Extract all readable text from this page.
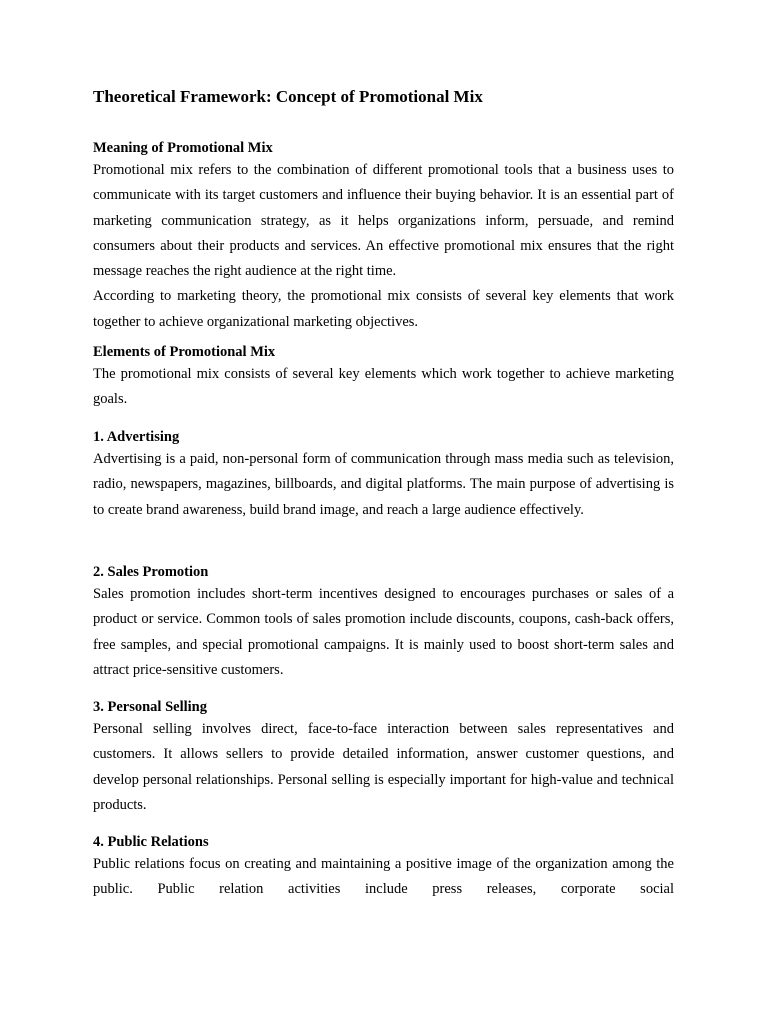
Theoretical Framework: Concept of Promotional Mix
Meaning of Promotional Mix

Promotional mix refers to the combination of different promotional tools that a business uses to communicate with its target customers and influence their buying behavior. It is an essential part of marketing communication strategy, as it helps organizations inform, persuade, and remind consumers about their products and services. An effective promotional mix ensures that the right message reaches the right audience at the right time.

According to marketing theory, the promotional mix consists of several key elements that work together to achieve organizational marketing objectives.

Elements of Promotional Mix

The promotional mix consists of several key elements which work together to achieve marketing goals.

1. Advertising

Advertising is a paid, non-personal form of communication through mass media such as television, radio, newspapers, magazines, billboards, and digital platforms. The main purpose of advertising is to create brand awareness, build brand image, and reach a large audience effectively.

2. Sales Promotion

Sales promotion includes short-term incentives designed to encourages purchases or sales of a product or service. Common tools of sales promotion include discounts, coupons, cash-back offers, free samples, and special promotional campaigns. It is mainly used to boost short-term sales and attract price-sensitive customers.

3. Personal Selling

Personal selling involves direct, face-to-face interaction between sales representatives and customers. It allows sellers to provide detailed information, answer customer questions, and develop personal relationships. Personal selling is especially important for high-value and technical products.

4. Public Relations

Public relations focus on creating and maintaining a positive image of the organization among the public. Public relation activities include press releases, corporate social
